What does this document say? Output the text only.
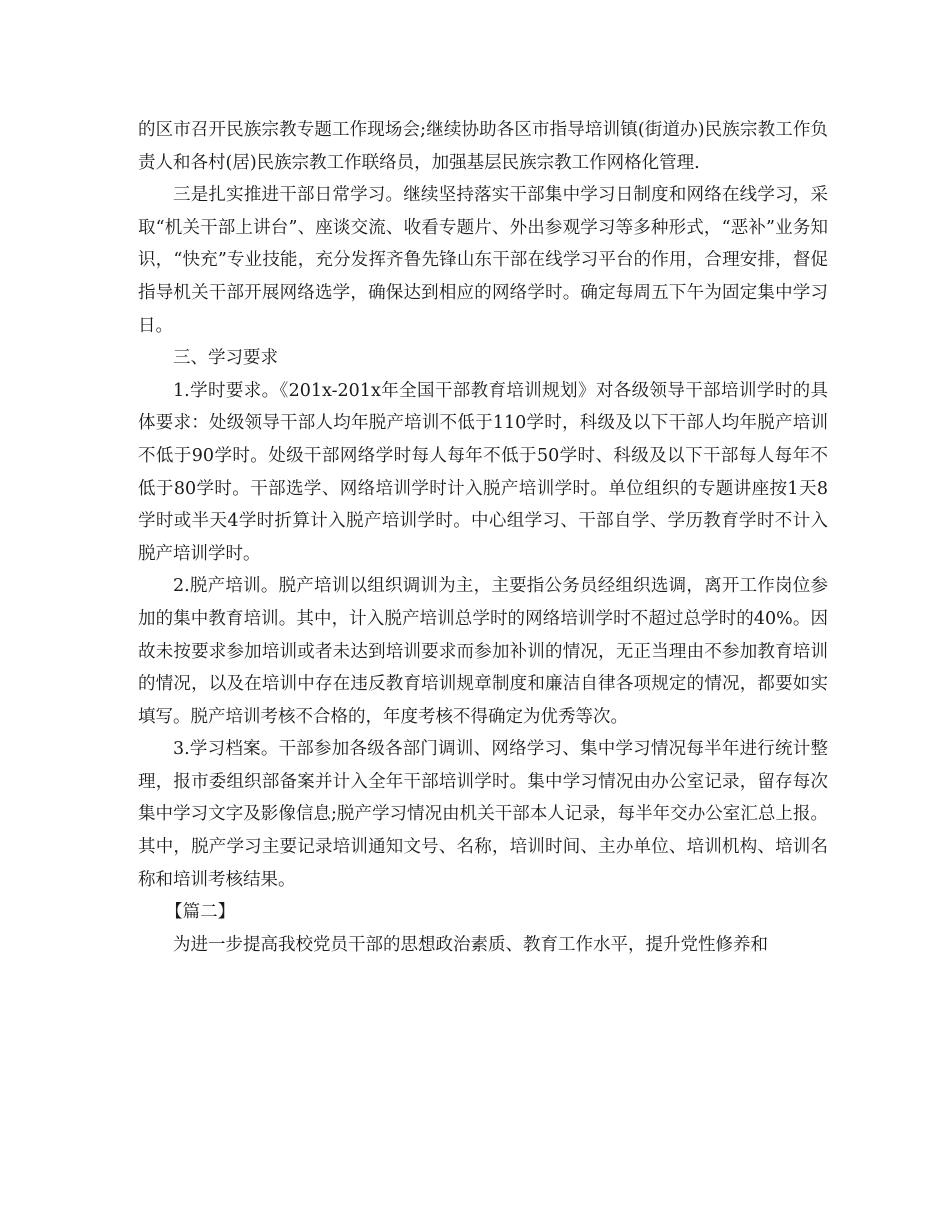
的区市召开民族宗教专题工作现场会;继续协助各区市指导培训镇(街道办)民族宗教工作负责人和各村(居)民族宗教工作联络员，加强基层民族宗教工作网格化管理.

三是扎实推进干部日常学习。继续坚持落实干部集中学习日制度和网络在线学习，采取“机关干部上讲台”、座谈交流、收看专题片、外出参观学习等多种形式，“恶补”业务知识，“快充”专业技能，充分发挥齐鲁先锋山东干部在线学习平台的作用，合理安排，督促指导机关干部开展网络选学，确保达到相应的网络学时。确定每周五下午为固定集中学习日。

三、学习要求

1.学时要求。《201x-201x年全国干部教育培训规划》对各级领导干部培训学时的具体要求：处级领导干部人均年脱产培训不低于110学时，科级及以下干部人均年脱产培训不低于90学时。处级干部网络学时每人每年不低于50学时、科级及以下干部每人每年不低于80学时。干部选学、网络培训学时计入脱产培训学时。单位组织的专题讲座按1天8学时或半天4学时折算计入脱产培训学时。中心组学习、干部自学、学历教育学时不计入脱产培训学时。

2.脱产培训。脱产培训以组织调训为主，主要指公务员经组织选调，离开工作岗位参加的集中教育培训。其中，计入脱产培训总学时的网络培训学时不超过总学时的40%。因故未按要求参加培训或者未达到培训要求而参加补训的情况，无正当理由不参加教育培训的情况，以及在培训中存在违反教育培训规章制度和廉洁自律各项规定的情况，都要如实填写。脱产培训考核不合格的，年度考核不得确定为优秀等次。

3.学习档案。干部参加各级各部门调训、网络学习、集中学习情况每半年进行统计整理，报市委组织部备案并计入全年干部培训学时。集中学习情况由办公室记录，留存每次集中学习文字及影像信息;脱产学习情况由机关干部本人记录，每半年交办公室汇总上报。其中，脱产学习主要记录培训通知文号、名称，培训时间、主办单位、培训机构、培训名称和培训考核结果。

【篇二】

为进一步提高我校党员干部的思想政治素质、教育工作水平，提升党性修养和
